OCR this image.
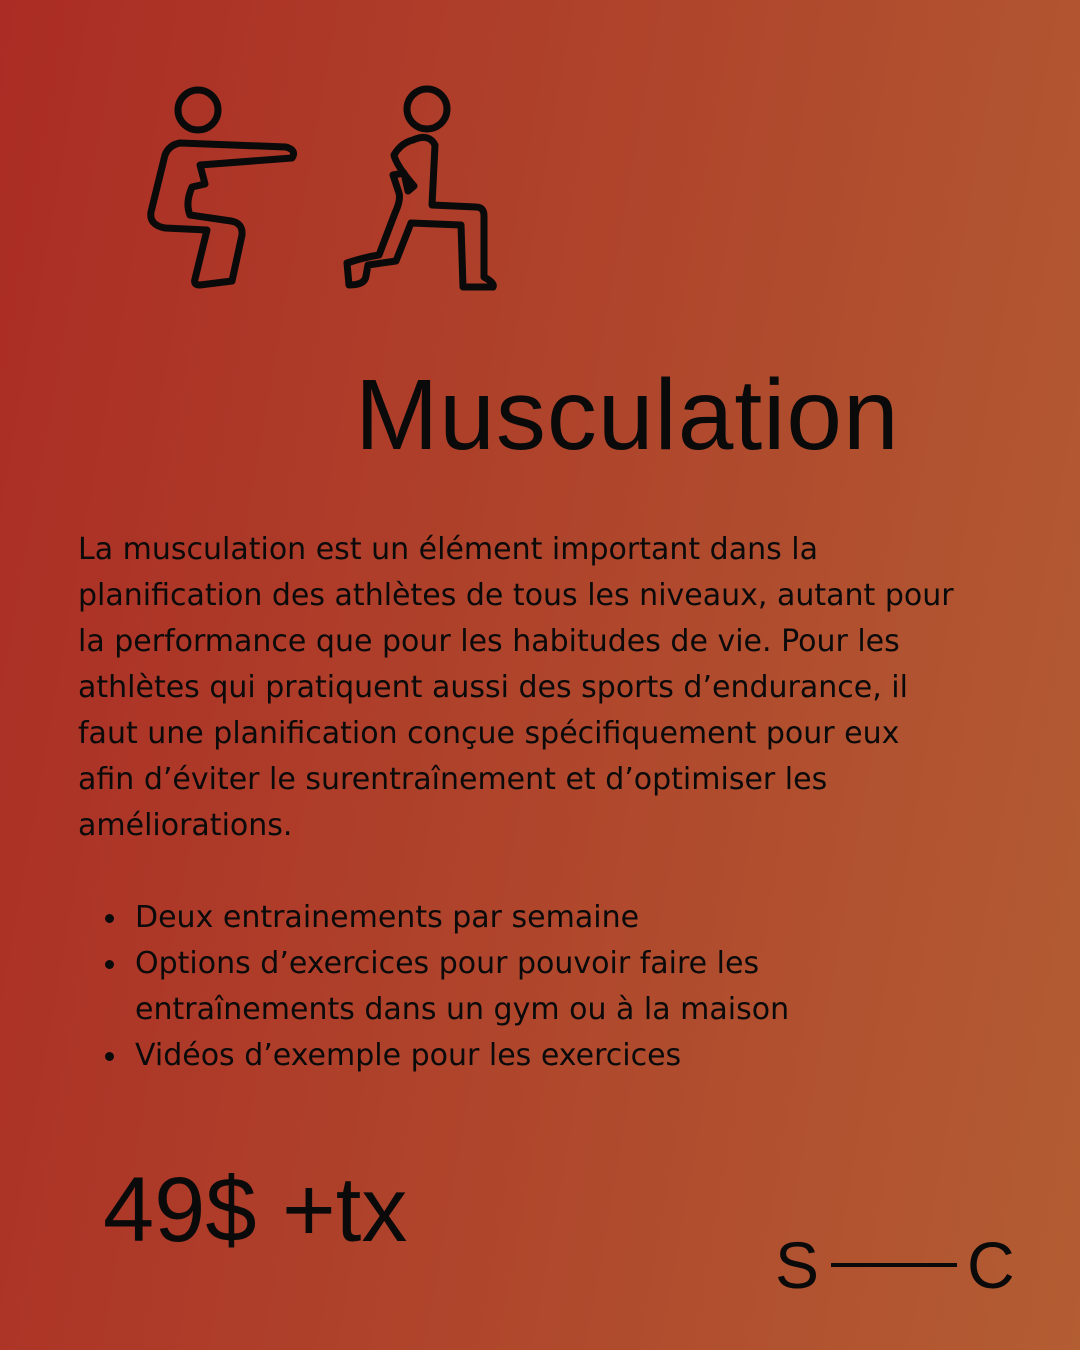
Musculation

La musculation est un élément important dans la planification des athlètes de tous les niveaux, autant pour la performance que pour les habitudes de vie. Pour les athlètes qui pratiquent aussi des sports d’endurance, il faut une planification conçue spécifiquement pour eux afin d’éviter le surentraînement et d’optimiser les améliorations.

Deux entrainements par semaine
Options d’exercices pour pouvoir faire les entraînements dans un gym ou à la maison
Vidéos d’exemple pour les exercices
49$ +tx
S C
